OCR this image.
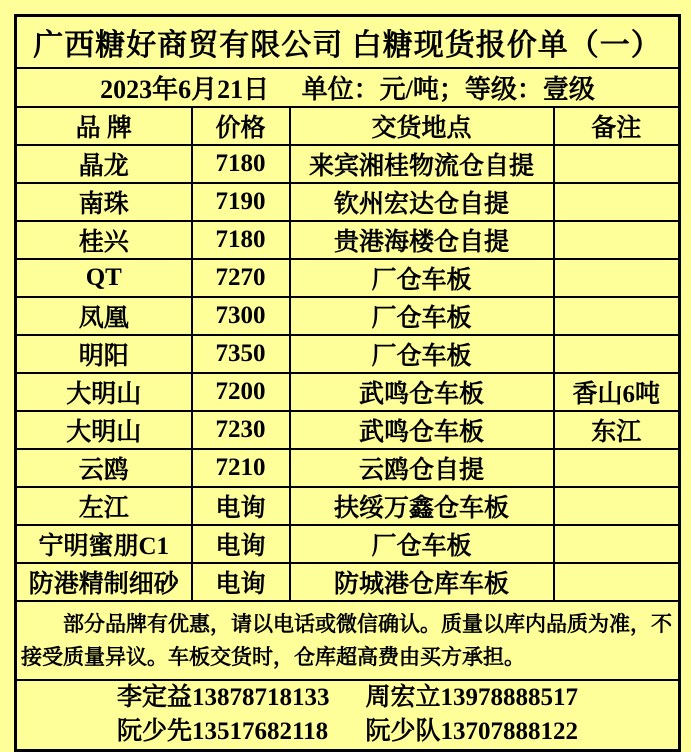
广西糖好商贸有限公司 白糖现货报价单（一）			
2023年6月21日　 单位：元/吨；等级：壹级			
品 牌	价格	交货地点	备注
晶龙	7180	来宾湘桂物流仓自提	
南珠	7190	钦州宏达仓自提	
桂兴	7180	贵港海楼仓自提	
QT	7270	厂仓车板	
凤凰	7300	厂仓车板	
明阳	7350	厂仓车板	
大明山	7200	武鸣仓车板	香山6吨
大明山	7230	武鸣仓车板	东江
云鸥	7210	云鸥仓自提	
左江	电询	扶绥万鑫仓车板	
宁明蜜朋C1	电询	厂仓车板	
防港精制细砂	电询	防城港仓库车板	

部分品牌有优惠，请以电话或微信确认。质量以库内品质为准，不接受质量异议。车板交货时，仓库超高费由买方承担。			

李定益13878718133 周宏立13978888517
阮少先13517682118 阮少队13707888122			
